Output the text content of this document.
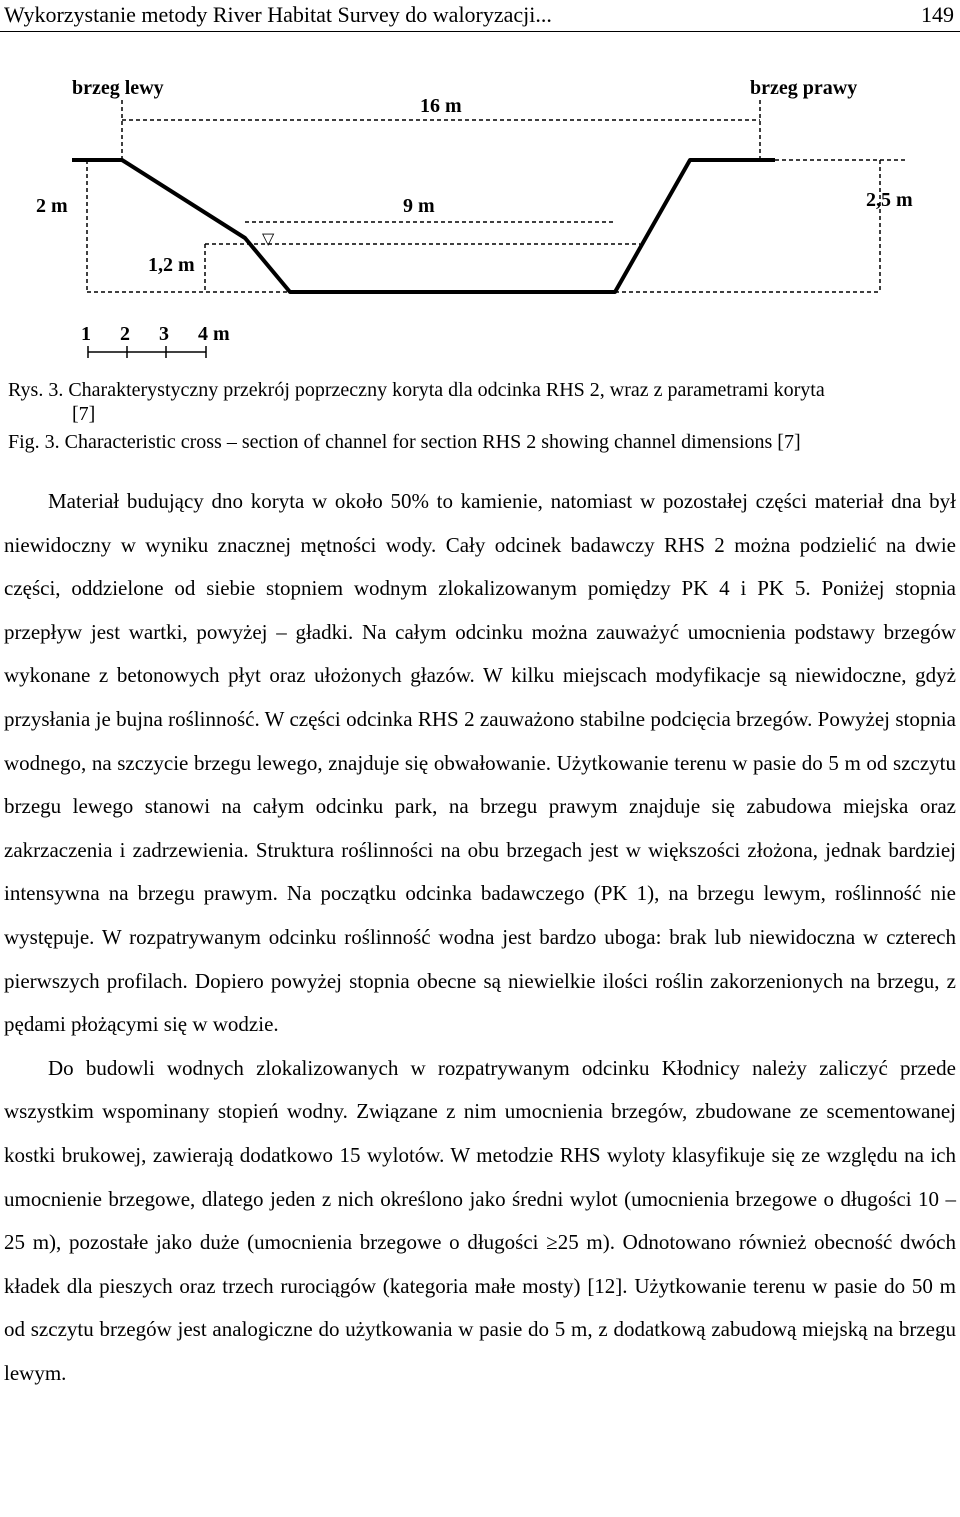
Wykorzystanie metody River Habitat Survey do waloryzacji...	149
▽
brzeg lewy	brzeg prawy
16 m
9 m
2 m	2,5 m
1,2 m
1 2 3 4 m
Rys. 3. Charakterystyczny przekrój poprzeczny koryta dla odcinka RHS 2, wraz z parametrami koryta
[7]
Fig. 3. Characteristic cross – section of channel for section RHS 2 showing channel dimensions [7]

Materiał budujący dno koryta w około 50% to kamienie, natomiast w pozostałej części materiał dna był niewidoczny w wyniku znacznej mętności wody. Cały odcinek badawczy RHS 2 można podzielić na dwie części, oddzielone od siebie stopniem wodnym zlokalizowanym pomiędzy PK 4 i PK 5. Poniżej stopnia przepływ jest wartki, powyżej – gładki. Na całym odcinku można zauważyć umocnienia podstawy brzegów wykonane z betonowych płyt oraz ułożonych głazów. W kilku miejscach modyfikacje są niewidoczne, gdyż przysłania je bujna roślinność. W części odcinka RHS 2 zauważono stabilne podcięcia brzegów. Powyżej stopnia wodnego, na szczycie brzegu lewego, znajduje się obwałowanie. Użytkowanie terenu w pasie do 5 m od szczytu brzegu lewego stanowi na całym odcinku park, na brzegu prawym znajduje się zabudowa miejska oraz zakrzaczenia i zadrzewienia. Struktura roślinności na obu brzegach jest w większości złożona, jednak bardziej intensywna na brzegu prawym. Na początku odcinka badawczego (PK 1), na brzegu lewym, roślinność nie występuje. W rozpatrywanym odcinku roślinność wodna jest bardzo uboga: brak lub niewidoczna w czterech pierwszych profilach. Dopiero powyżej stopnia obecne są niewielkie ilości roślin zakorzenionych na brzegu, z pędami płożącymi się w wodzie.

Do budowli wodnych zlokalizowanych w rozpatrywanym odcinku Kłodnicy należy zaliczyć przede wszystkim wspominany stopień wodny. Związane z nim umocnienia brzegów, zbudowane ze scementowanej kostki brukowej, zawierają dodatkowo 15 wylotów. W metodzie RHS wyloty klasyfikuje się ze względu na ich umocnienie brzegowe, dlatego jeden z nich określono jako średni wylot (umocnienia brzegowe o długości 10 – 25 m), pozostałe jako duże (umocnienia brzegowe o długości ≥25 m). Odnotowano również obecność dwóch kładek dla pieszych oraz trzech rurociągów (kategoria małe mosty) [12]. Użytkowanie terenu w pasie do 50 m od szczytu brzegów jest analogiczne do użytkowania w pasie do 5 m, z dodatkową zabudową miejską na brzegu lewym.
